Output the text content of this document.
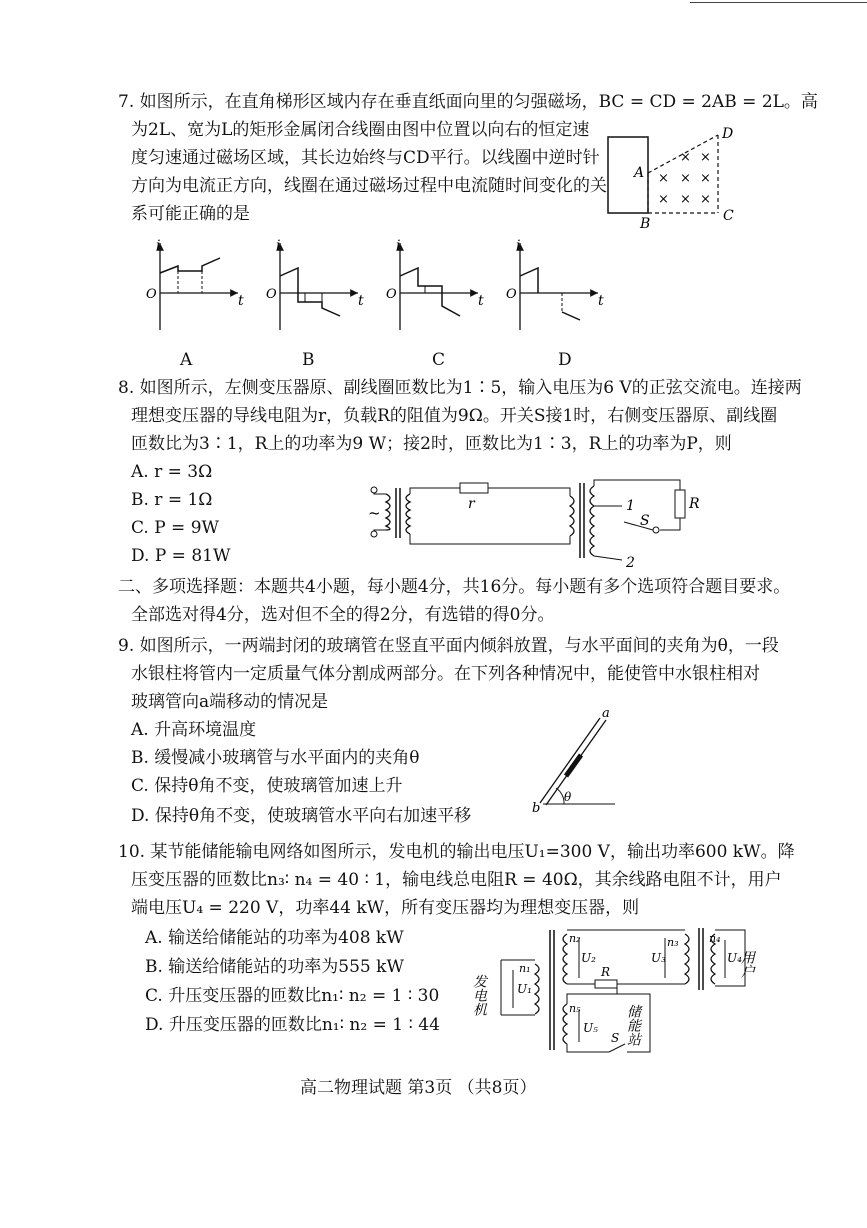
7. 如图所示，在直角梯形区域内存在垂直纸面向里的匀强磁场，BC = CD = 2AB = 2L。高
为2L、宽为L的矩形金属闭合线圈由图中位置以向右的恒定速
度匀速通过磁场区域，其长边始终与CD平行。以线圈中逆时针
方向为电流正方向，线圈在通过磁场过程中电流随时间变化的关
系可能正确的是
× ×
× × ×
× × ×
A
B	C
D
i
O	t
i
O	t
i
O	t
i
O	t
A	B	C	D
8. 如图所示，左侧变压器原、副线圈匝数比为1∶5，输入电压为6 V的正弦交流电。连接两
理想变压器的导线电阻为r，负载R的阻值为9Ω。开关S接1时，右侧变压器原、副线圈
匝数比为3∶1，R上的功率为9 W；接2时，匝数比为1∶3，R上的功率为P，则
A. r = 3Ω
B. r = 1Ω
C. P = 9W
D. P = 81W
~	r	R
1
2
S
二、多项选择题：本题共4小题，每小题4分，共16分。每小题有多个选项符合题目要求。
全部选对得4分，选对但不全的得2分，有选错的得0分。
9. 如图所示，一两端封闭的玻璃管在竖直平面内倾斜放置，与水平面间的夹角为θ，一段
水银柱将管内一定质量气体分割成两部分。在下列各种情况中，能使管中水银柱相对
玻璃管向a端移动的情况是
A. 升高环境温度
B. 缓慢减小玻璃管与水平面内的夹角θ
C. 保持θ角不变，使玻璃管加速上升
D. 保持θ角不变，使玻璃管水平向右加速平移
a
b
θ
10. 某节能储能输电网络如图所示，发电机的输出电压U₁=300 V，输出功率600 kW。降
压变压器的匝数比n₃∶ n₄ = 40 ∶ 1，输电线总电阻R = 40Ω，其余线路电阻不计，用户
端电压U₄ = 220 V，功率44 kW，所有变压器均为理想变压器，则
A. 输送给储能站的功率为408 kW
B. 输送给储能站的功率为555 kW
C. 升压变压器的匝数比n₁∶ n₂ = 1 ∶ 30
D. 升压变压器的匝数比n₁∶ n₂ = 1 ∶ 44
发电机	U₁
n₁
n₂
U₂
R
n₃
U₃
n₄
U₄
用户
n₅
U₅
S 储能站
高二物理试题 第3页 （共8页）
